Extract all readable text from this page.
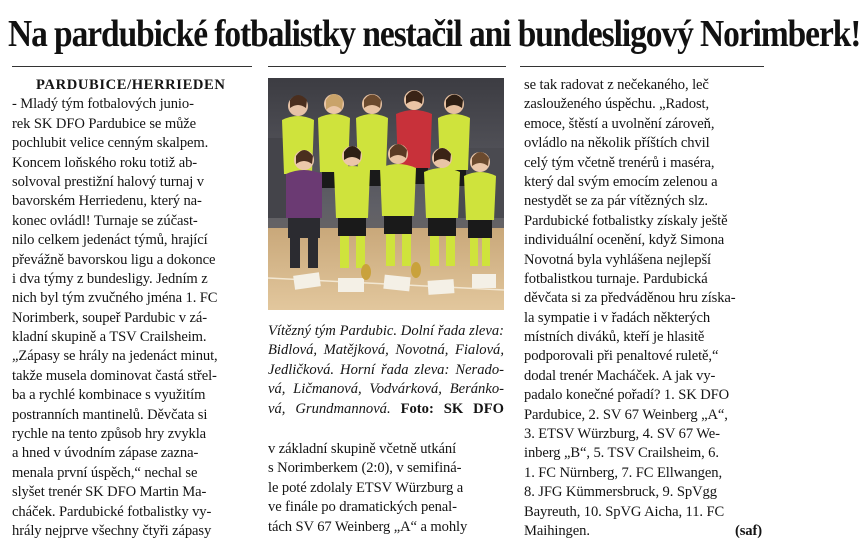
Na pardubické fotbalistky nestačil ani bundesligový Norimberk!
PARDUBICE/HERRIEDEN
- Mladý tým fotbalových junio-
rek SK DFO Pardubice se může
pochlubit velice cenným skalpem.
Koncem loňského roku totiž ab-
solvoval prestižní halový turnaj v
bavorském Herriedenu, který na-
konec ovládl! Turnaje se zúčast-
nilo celkem jedenáct týmů, hrající
převážně bavorskou ligu a dokonce
i dva týmy z bundesligy. Jedním z
nich byl tým zvučného jména 1. FC
Norimberk, soupeř Pardubic v zá-
kladní skupině a TSV Crailsheim.
„Zápasy se hrály na jedenáct minut,
takže musela dominovat častá střel-
ba a rychlé kombinace s využitím
postranních mantinelů. Děvčata si
rychle na tento způsob hry zvykla
a hned v úvodním zápase zazna-
menala první úspěch,“ nechal se
slyšet trenér SK DFO Martin Ma-
cháček. Pardubické fotbalistky vy-
hrály nejprve všechny čtyři zápasy
Vítězný tým Pardubic. Dolní řada zleva:
Bidlová, Matějková, Novotná, Fialová,
Jedličková. Horní řada zleva: Nerado-
vá, Ličmanová, Vodvárková, Beránko-
vá, Grundmannová. Foto: SK DFO
v základní skupině včetně utkání
s Norimberkem (2:0), v semifiná-
le poté zdolaly ETSV Würzburg a
ve finále po dramatických penal-
tách SV 67 Weinberg „A“ a mohly
se tak radovat z nečekaného, leč
zaslouženého úspěchu. „Radost,
emoce, štěstí a uvolnění zároveň,
ovládlo na několik příštích chvil
celý tým včetně trenérů i maséra,
který dal svým emocím zelenou a
nestydět se za pár vítězných slz.
Pardubické fotbalistky získaly ještě
individuální ocenění, když Simona
Novotná byla vyhlášena nejlepší
fotbalistkou turnaje. Pardubická
děvčata si za předváděnou hru získa-
la sympatie i v řadách některých
místních diváků, kteří je hlasitě
podporovali při penaltové ruletě,“
dodal trenér Macháček. A jak vy-
padalo konečné pořadí? 1. SK DFO
Pardubice, 2. SV 67 Weinberg „A“,
3. ETSV Würzburg, 4. SV 67 We-
inberg „B“, 5. TSV Crailsheim, 6.
1. FC Nürnberg, 7. FC Ellwangen,
8. JFG Kümmersbruck, 9. SpVgg
Bayreuth, 10. SpVG Aicha, 11. FC
Maihingen.	(saf)
